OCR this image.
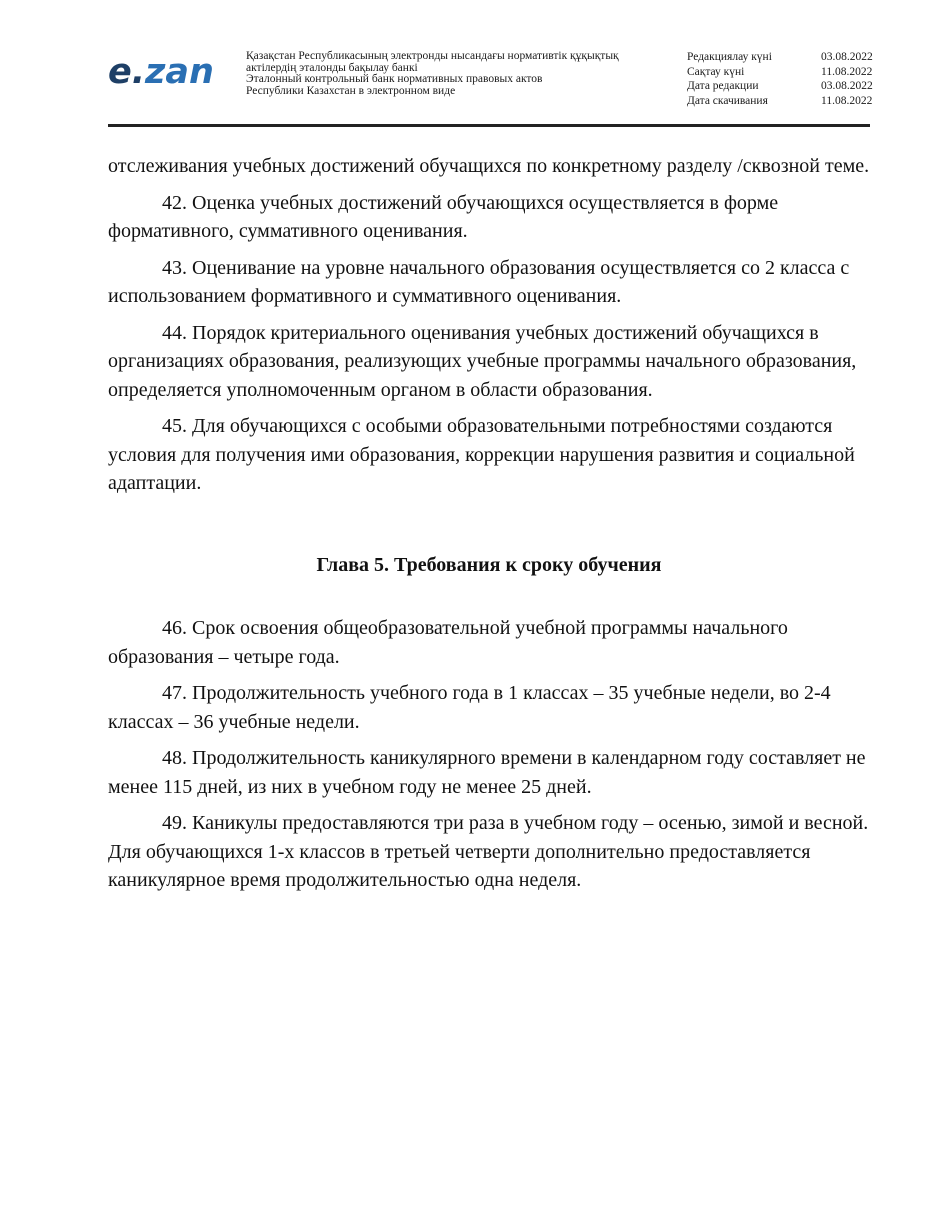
e.zan	Қазақстан Республикасының электронды нысандағы нормативтік құқықтық
актілердің эталонды бақылау банкі
Эталонный контрольный банк нормативных правовых актов
Республики Казахстан в электронном виде
Редакциялау күні	03.08.2022
Сақтау күні	11.08.2022
Дата редакции	03.08.2022
Дата скачивания	11.08.2022

отслеживания учебных достижений обучащихся по конкретному разделу /сквозной теме.

42. Оценка учебных достижений обучающихся осуществляется в форме формативного, суммативного оценивания.

43. Оценивание на уровне начального образования осуществляется со 2 класса с использованием формативного и суммативного оценивания.

44. Порядок критериального оценивания учебных достижений обучащихся в организациях образования, реализующих учебные программы начального образования, определяется уполномоченным органом в области образования.

45. Для обучающихся с особыми образовательными потребностями создаются условия для получения ими образования, коррекции нарушения развития и социальной адаптации.

Глава 5. Требования к сроку обучения

46. Срок освоения общеобразовательной учебной программы начального образования – четыре года.

47. Продолжительность учебного года в 1 классах – 35 учебные недели, во 2-4 классах – 36 учебные недели.

48. Продолжительность каникулярного времени в календарном году составляет не менее 115 дней, из них в учебном году не менее 25 дней.

49. Каникулы предоставляются три раза в учебном году – осенью, зимой и весной. Для обучающихся 1-х классов в третьей четверти дополнительно предоставляется каникулярное время продолжительностью одна неделя.
